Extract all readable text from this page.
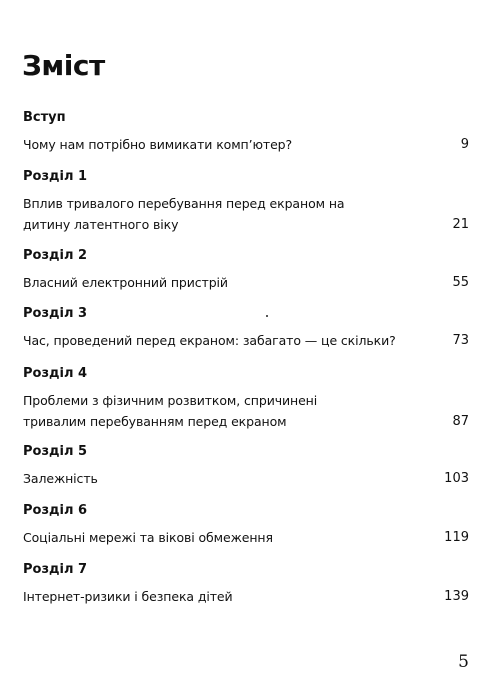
Зміст

Вступ

Чому нам потрібно вимикати комп’ютер?	9

Розділ 1

Вплив тривалого перебування перед екраном на дитину латентного віку	21

Розділ 2

Власний електронний пристрій	55

Розділ 3

Час, проведений перед екраном: забагато — це скільки?	73

Розділ 4

Проблеми з фізичним розвитком, спричинені тривалим перебуванням перед екраном	87

Розділ 5

Залежність	103

Розділ 6

Соціальні мережі та вікові обмеження	119

Розділ 7

Інтернет-ризики і безпека дітей	139
5
